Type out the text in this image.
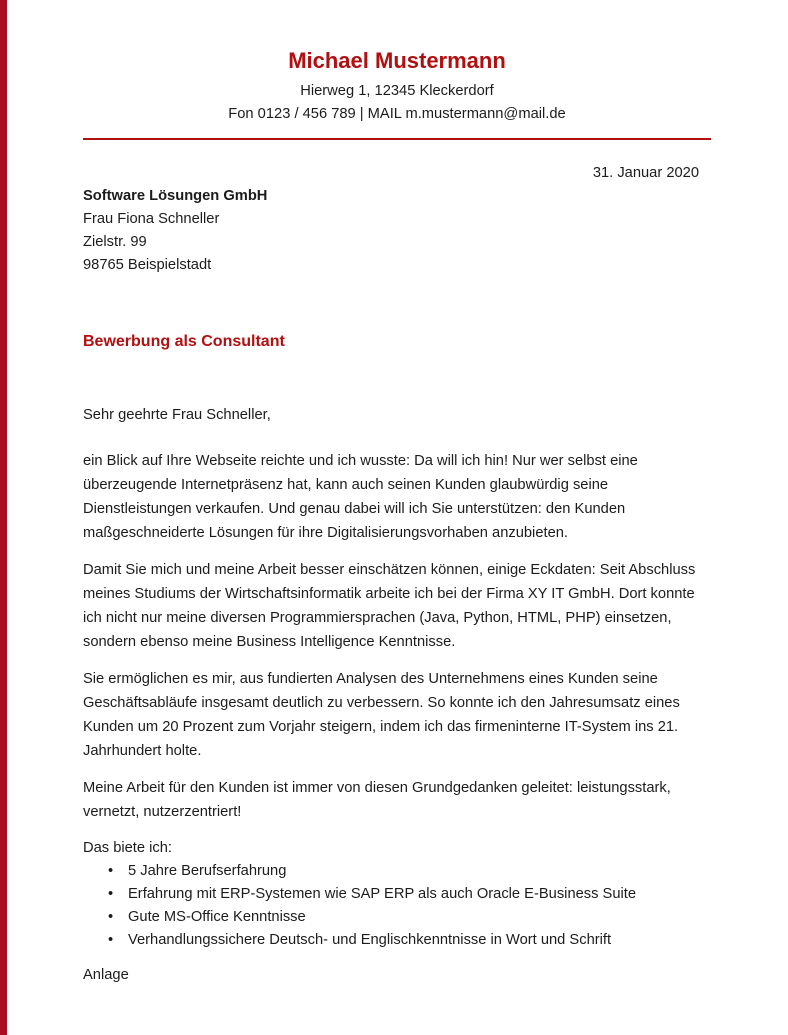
Michael Mustermann
Hierweg 1, 12345 Kleckerdorf
Fon 0123 / 456 789 | MAIL m.mustermann@mail.de
31. Januar 2020
Software Lösungen GmbH
Frau Fiona Schneller
Zielstr. 99
98765 Beispielstadt
Bewerbung als Consultant
Sehr geehrte Frau Schneller,

ein Blick auf Ihre Webseite reichte und ich wusste: Da will ich hin! Nur wer selbst eine überzeugende Internetpräsenz hat, kann auch seinen Kunden glaubwürdig seine Dienstleistungen verkaufen. Und genau dabei will ich Sie unterstützen: den Kunden maßgeschneiderte Lösungen für ihre Digitalisierungsvorhaben anzubieten.

Damit Sie mich und meine Arbeit besser einschätzen können, einige Eckdaten: Seit Abschluss meines Studiums der Wirtschaftsinformatik arbeite ich bei der Firma XY IT GmbH. Dort konnte ich nicht nur meine diversen Programmiersprachen (Java, Python, HTML, PHP) einsetzen, sondern ebenso meine Business Intelligence Kenntnisse.

Sie ermöglichen es mir, aus fundierten Analysen des Unternehmens eines Kunden seine Geschäftsabläufe insgesamt deutlich zu verbessern. So konnte ich den Jahresumsatz eines Kunden um 20 Prozent zum Vorjahr steigern, indem ich das firmeninterne IT-System ins 21. Jahrhundert holte.

Meine Arbeit für den Kunden ist immer von diesen Grundgedanken geleitet: leistungsstark, vernetzt, nutzerzentriert!

Das biete ich:
• 5 Jahre Berufserfahrung
• Erfahrung mit ERP-Systemen wie SAP ERP als auch Oracle E-Business Suite
• Gute MS-Office Kenntnisse
• Verhandlungssichere Deutsch- und Englischkenntnisse in Wort und Schrift
Anlage
